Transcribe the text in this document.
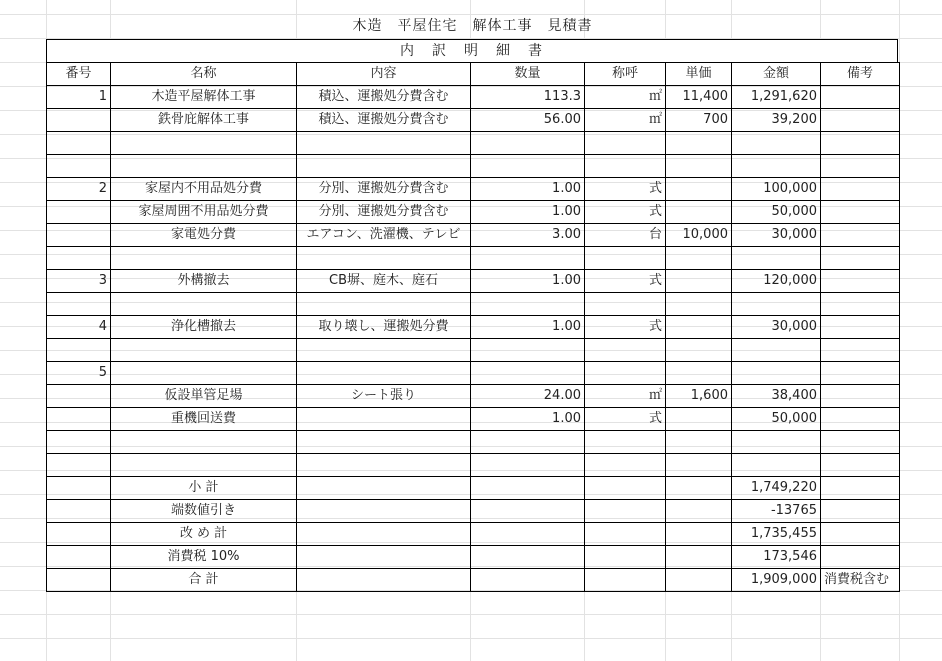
木造　平屋住宅　解体工事　見積書
内　訳　明　細　書
番号	名称	内容	数量	称呼	単価	金額	備考
1	木造平屋解体工事	積込、運搬処分費含む	113.3	㎡	11,400	1,291,620	
	鉄骨庇解体工事	積込、運搬処分費含む	56.00	㎡	700	39,200	

2	家屋内不用品処分費	分別、運搬処分費含む	1.00	式		100,000	
	家屋周囲不用品処分費	分別、運搬処分費含む	1.00	式		50,000	
	家電処分費	エアコン、洗濯機、テレビ	3.00	台	10,000	30,000	

3	外構撤去	CB塀、庭木、庭石	1.00	式		120,000	

4	浄化槽撤去	取り壊し、運搬処分費	1.00	式		30,000	

5							
	仮設単管足場	シート張り	24.00	㎡	1,600	38,400	
	重機回送費		1.00	式		50,000	

	小 計					1,749,220	
	端数値引き					-13765	
	改 め 計					1,735,455	
	消費税 10%					173,546	
	合 計					1,909,000	消費税含む
